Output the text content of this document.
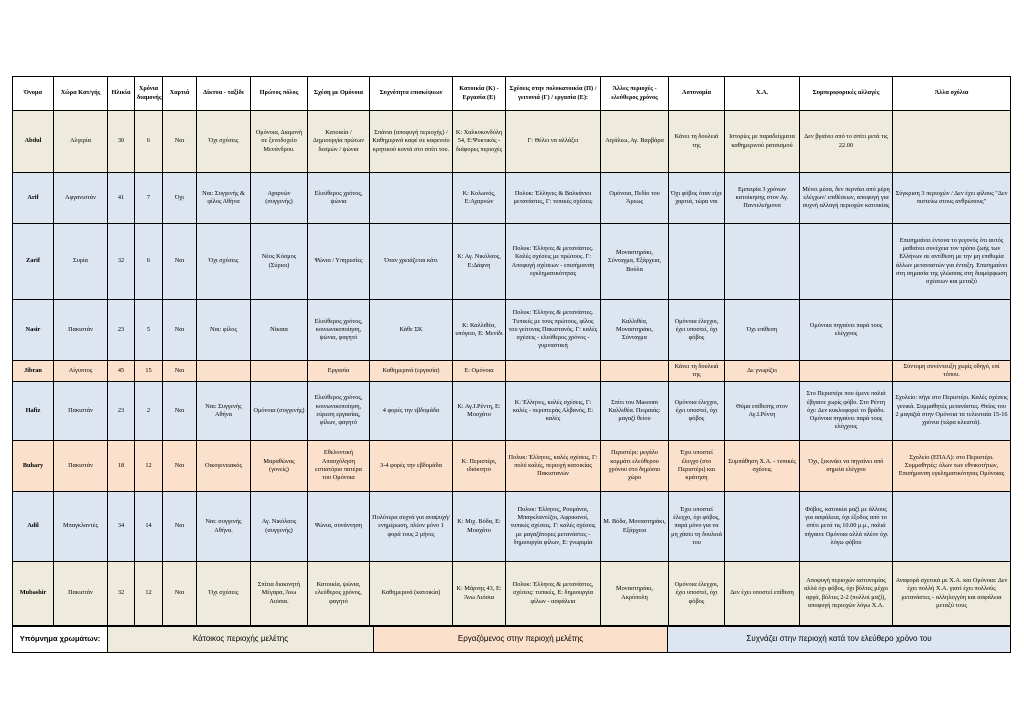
Όνομα	Χώρα Κατ/γής	Ηλικία	Χρόνια διαμονής	Χαρτιά	Δίκτυα - ταξίδι	Πρώτος πόλος	Σχέση με Ομόνοια	Συχνότητα επισκέψεων	Κατοικία (Κ) - Εργασία (Ε)	Σχέσεις στην πολυκατοικία (Π) / γειτονιά (Γ) / εργασία (Ε):	Άλλες περιοχές - ελεύθερος χρόνος	Αστυνομία	Χ.Α.	Συμπεριφορικές αλλαγές	Άλλα σχόλια
Abdul	Αλγερία	30	6	Ναι	Όχι σχέσεις	Ομόνοια, Διαμονή σε ξενοδοχείο Μενάνδρου.	Κατοικία / Δημιουργία πρώτων δεσμών / ψώνια	Σπάνια (αποφυγή περιοχής) / Καθημερινά καφέ σε καφενείο κρητικού κοντά στο σπίτι του.	Κ: Χαλκοκονδύλη 54, Ε:Ψυκτικός - διάφορες περιοχές	Γ: Θέλει να αλλάξει	Αιγάλεω, Αγ. Βαρβάρα	Κάνει τη δουλειά της	Ιστορίες με παραδείγματα καθημερινού ρατσισμού	Δεν βγαίνει από το σπίτι μετά τις 22.00	
Arif	Αφγανιστάν	41	7	Όχι	Ναι: Συγγενής & φίλος Αθήνα	Αχαρνών (συγγενής)	Ελεύθερος χρόνος, ψώνια		Κ: Κολωνός, Ε:Αχαρνών	Πολυκ: Έλληνες & Βαλκάνιοι μετανάστες, Γ: τυπικές σχέσεις	Ομόνοια, Πεδίο του Άρεως	Όχι φόβος όταν είχε χαρτιά, τώρα ναι	Εμπειρία 3 χρόνων κατοίκησης στον Αγ. Παντελεήμονα	Μένει μέσα, δεν περνάει από μέρη ελέγχων/ επιθέσεων, αποφυγή για συχνή αλλαγή περιοχών κατοικίας	Σύγκριση 3 περιοχών / Δεν έχει φίλους "Δεν πιστεύω στους ανθρώπους"
Zarif	Συρία	32	6	Ναι	Όχι σχέσεις	Νέος Κόσμος (Σύριοι)	Ψώνια / Υπηρεσίες	Όταν χρειάζεται κάτι	Κ: Αγ. Νικόλαος, Ε:Δάφνη	Πολυκ: Έλληνες & μετανάστες. Καλές σχέσεις με πρώτους. Γ: Αποφυγή σχέσεων - επισήμανση εγκληματικότητας	Μοναστηράκι, Σύνταγμα, Εξάρχεια, Βούλα				Επισημαίνει έντονα το γεγονός ότι αυτός μαθαίνει συνέχεια τον τρόπο ζωής των Ελλήνων σε αντίθεση με την μη επιθυμία άλλων μεταναστών για ένταξη. Επισημαίνει στη σημασία της γλώσσας στη διαμόρφωση σχέσεων και μεταξύ
Nasir	Πακιστάν	23	5	Ναι	Ναι: φίλος	Νίκαια	Ελεύθερος χρόνος, κοινωνικοποίηση, ψώνια, φαγητό	Κάθε ΣΚ	Κ: Καλλιθέα, υπόγειο, Ε: Μενίδι	Πολυκ: Έλληνες & μετανάστες. Τυπικές με τους πρώτους, φίλος του γείτονας Πακιστανός. Γ: καλές σχέσεις - ελεύθερος χρόνος - γυμναστική	Καλλιθέα, Μοναστηράκι, Σύνταγμα	Ομόνοια έλεγχοι, έχει υποστεί, όχι φόβος	Όχι επίθεση	Ομόνοια πηγαίνει παρά τους ελέγχους	
Jibran	Αίγυπτος	45	15	Ναι			Εργασία	Καθημερινά (εργασία)	Ε: Ομόνοια			Κάνει τη δουλειά της	Δε γνωρίζει		Σύντομη συνέντευξη χωρίς οδηγό, επί τόπου.
Hafiz	Πακιστάν	23	2	Ναι	Ναι: Συγγενής Αθήνα	Ομόνοια (συγγενής)	Ελεύθερος χρόνος, κοινωνικοποίηση, εύρεση εργασίας, φίλων, φαγητό	4 φορές την εβδομάδα	Κ: Αγ.Ι.Ρέντη, Ε: Μοσχάτο	Κ: Έλληνες, καλές σχέσεις, Γ: καλές - περιπτεράς Αλβανός, Ε: καλές	Σπίτι του Masoom Καλλιθέα. Πειραιάς: μαγαζί θείου	Ομόνοια έλεγχοι, έχει υποστεί, όχι φόβος	Θύμα επίθεσης στον Αγ.Ι.Ρέντη	Στο Περιστέρι που έμενε παλιά έβγαινε χωρίς φόβο. Στο Ρέντη όχι: Δεν κυκλοφορεί το βράδυ. Ομόνοια πηγαίνει παρά τους ελέγχους	Σχολείο: πήγε στο Περιστέρι. Καλές σχέσεις γενικά. Συμμαθητές μετανάστες. Θείος του 2 μαγαζιά στην Ομόνοια τα τελευταία 15-16 χρόνια (τώρα κλειστά).
Buhary	Πακιστάν	18	12	Ναι	Οικογενειακός	Μαραθώνας (γονείς)	Εθελοντική Απασχόληση εστιατόριο πατέρα του Ομόνοια	3-4 φορές την εβδομάδα	Κ: Περιστέρι, ιδιόκτητο	Πολυκ: Έλληνες, καλές σχέσεις, Γ: πολύ καλές, περιοχή κατοικίας Πακιστανών	Περιστέρι: μεγάλο κομμάτι ελεύθερου χρόνου στο δημόσιο χώρο	Έχει υποστεί έλεγχο (στο Περιστέρι) και κράτηση	Συμπάθηση Χ.Α. - τυπικές σχέσεις	Όχι, ξεκινάει να πηγαίνει από σημεία ελέγχου	Σχολείο (ΕΠΑΛ): στο Περιστέρι. Συμμαθητές: όλων των εθνικοτήτων, Επισήμανση εγκληματικότητας Ομόνοιας
Adil	Μπαγκλαντές	34	14	Ναι	Ναι: συγγενής Αθήνα.	Αγ. Νικόλαος (συγγενής)	Ψώνια, συνάντηση	Πολύτερα συχνά για αναψυχή/ ενημέρωση, πλέον μόνο 1 φορά τους 2 μήνες	Κ: Μιχ. Βόδα, Ε: Μοσχάτο	Πολυκ: Έλληνες, Ρουμάνοι, Μπαγκλαντέζοι, Αφρικανοί, τυπικές σχέσεις. Γ: καλές σχέσεις με μαγαζάτορες μετανάστες - δημιουργία φίλων, Ε: γνωριμία	Μ. Βόδα, Μοναστηράκι, Εξάρχεια	Έχει υποστεί έλεγχο, όχι φόβος, παρά μόνο για να μη χάσει τη δουλειά του		Φόβος, κατοικία μαζί με άλλους για ασφάλεια, όχι έξοδος από το σπίτι μετά τις 10.00 μ.μ., παλιά πήγαινε Ομόνοια αλλά πλέον όχι λόγω φόβου	
Mubashir	Πακιστάν	32	12	Ναι	Όχι σχέσεις	Σπίτια διακινητή Μέγαρα, Άνω Λιόσια.	Κατοικία, ψώνια, ελεύθερος χρόνος, φαγητό	Καθημερινά (κατοικία)	Κ: Μάρνης 43, Ε: Άνω Λιόσια	Πολυκ: Έλληνες & μετανάστες, σχέσεις: τυπικές, Ε: δημιουργία φίλων - ασφάλεια	Μοναστηράκι, Ακρόπολη	Ομόνοια έλεγχοι, έχει υποστεί, όχι φόβος	Δεν έχει υποστεί επίθεση	Αποφυγή περιοχών αστυνομίας αλλά όχι φόβος, όχι βόλτες μέχρι αργά, βόλτες 2-2 (πολλοί μαζί), αποφυγή περιοχών λόγω Χ.Α.	Αναφορά σχετικά με Χ.Α. και Ομόνοια: Δεν έχει πολλή Χ.Α. γιατί έχει πολλούς μετανάστες - αλληλεγγύη και ασφάλεια μεταξύ τους
Υπόμνημα χρωμάτων:	Κάτοικος περιοχής μελέτης	Εργαζόμενος στην περιοχή μελέτης	Συχνάζει στην περιοχή κατά τον ελεύθερο χρόνο του
